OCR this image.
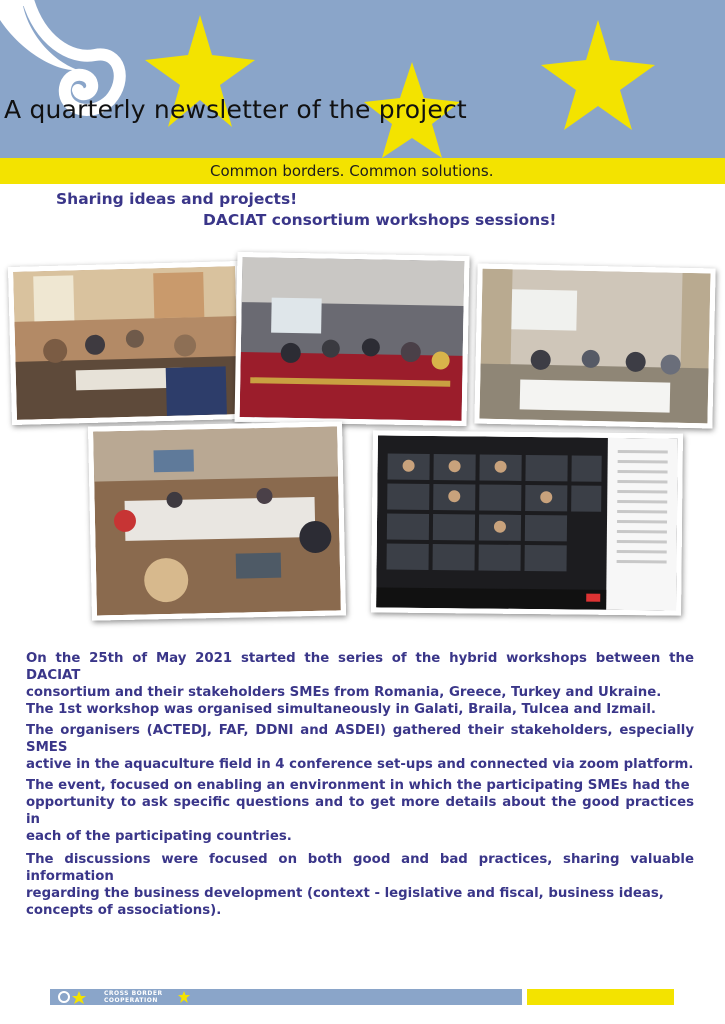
A quarterly newsletter of the project
Common borders. Common solutions.
Sharing ideas and projects!
DACIAT consortium workshops sessions!

On the 25th of May 2021 started the series of the hybrid workshops between the DACIAT
consortium and their stakeholders SMEs from Romania, Greece, Turkey and Ukraine.
The 1st workshop was organised simultaneously in Galati, Braila, Tulcea and Izmail.

The organisers (ACTEDJ, FAF, DDNI and ASDEI) gathered their stakeholders, especially SMES
active in the aquaculture field in 4 conference set-ups and connected via zoom platform.

The event, focused on enabling an environment in which the participating SMEs had the
opportunity to ask specific questions and to get more details about the good practices in
each of the participating countries.

The discussions were focused on both good and bad practices, sharing valuable information
regarding the business development (context - legislative and fiscal, business ideas,
concepts of associations).

CROSS BORDER
COOPERATION
